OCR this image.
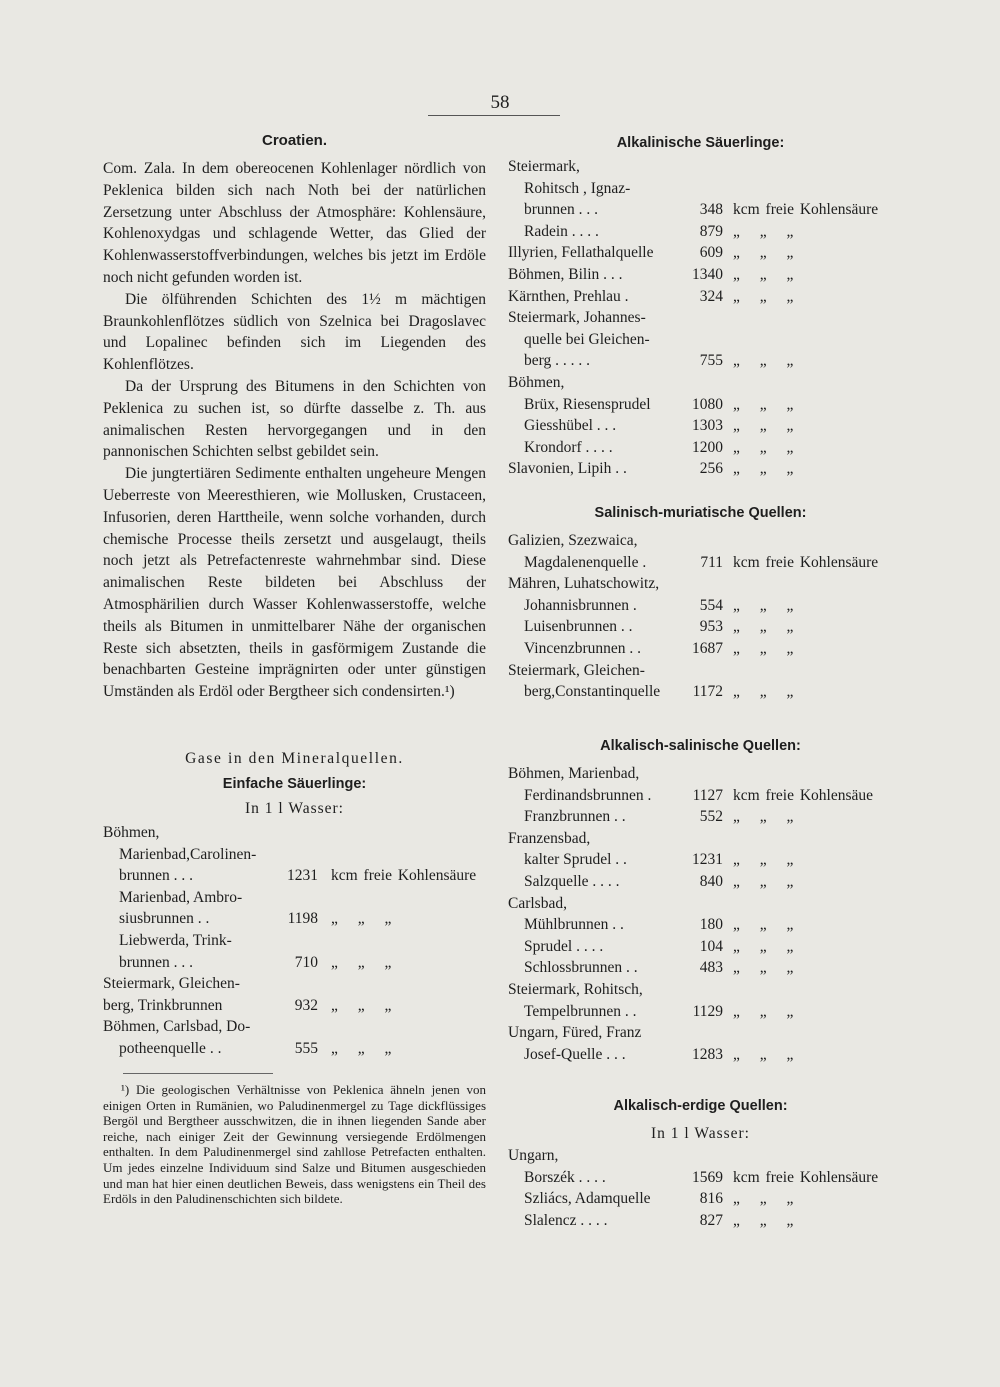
58
Croatien.

Com. Zala. In dem obereocenen Kohlenlager nördlich von Peklenica bilden sich nach Noth bei der natürlichen Zersetzung unter Abschluss der Atmosphäre: Kohlensäure, Kohlenoxydgas und schlagende Wetter, das Glied der Kohlenwasserstoffverbindungen, welches bis jetzt im Erdöle noch nicht gefunden worden ist.

Die ölführenden Schichten des 1½ m mächtigen Braunkohlenflötzes südlich von Szelnica bei Dragoslavec und Lopalinec befinden sich im Liegenden des Kohlenflötzes.

Da der Ursprung des Bitumens in den Schichten von Peklenica zu suchen ist, so dürfte dasselbe z. Th. aus animalischen Resten hervorgegangen und in den pannonischen Schichten selbst gebildet sein.

Die jungtertiären Sedimente enthalten ungeheure Mengen Ueberreste von Meeresthieren, wie Mollusken, Crustaceen, Infusorien, deren Harttheile, wenn solche vorhanden, durch chemische Processe theils zersetzt und ausgelaugt, theils noch jetzt als Petrefactenreste wahrnehmbar sind. Diese animalischen Reste bildeten bei Abschluss der Atmosphärilien durch Wasser Kohlenwasserstoffe, welche theils als Bitumen in unmittelbarer Nähe der organischen Reste sich absetzten, theils in gasförmigem Zustande die benachbarten Gesteine imprägnirten oder unter günstigen Umständen als Erdöl oder Bergtheer sich condensirten.¹)

Gase in den Mineralquellen.
Einfache Säuerlinge:
In 1 l Wasser:
Böhmen,
Marienbad,Carolinen-
brunnen . . .	1231 kcm freie Kohlensäure
Marienbad, Ambro-
siusbrunnen . .	1198 „ „ „
Liebwerda, Trink-
brunnen . . .	710 „ „ „
Steiermark, Gleichen-
berg, Trinkbrunnen	932 „ „ „
Böhmen, Carlsbad, Do-
potheenquelle . .	555 „ „ „
¹) Die geologischen Verhältnisse von Peklenica ähneln jenen von einigen Orten in Rumänien, wo Paludinenmergel zu Tage dickflüssiges Bergöl und Bergtheer ausschwitzen, die in ihnen liegenden Sande aber reiche, nach einiger Zeit der Gewinnung versiegende Erdölmengen enthalten. In dem Paludinenmergel sind zahllose Petrefacten enthalten. Um jedes einzelne Individuum sind Salze und Bitumen ausgeschieden und man hat hier einen deutlichen Beweis, dass wenigstens ein Theil des Erdöls in den Paludinenschichten sich bildete.
Alkalinische Säuerlinge:
Steiermark,
Rohitsch , Ignaz-
brunnen . . .	348 kcm freie Kohlensäure
Radein . . . .	879 „ „ „
Illyrien, Fellathalquelle	609 „ „ „
Böhmen, Bilin . . .	1340 „ „ „
Kärnthen, Prehlau .	324 „ „ „
Steiermark, Johannes-
quelle bei Gleichen-
berg . . . . .	755 „ „ „
Böhmen,
Brüx, Riesensprudel	1080 „ „ „
Giesshübel . . .	1303 „ „ „
Krondorf . . . .	1200 „ „ „
Slavonien, Lipih . .	256 „ „ „
Salinisch-muriatische Quellen:
Galizien, Szezwaica,
Magdalenenquelle .	711 kcm freie Kohlensäure
Mähren, Luhatschowitz,
Johannisbrunnen .	554 „ „ „
Luisenbrunnen . .	953 „ „ „
Vincenzbrunnen . .	1687 „ „ „
Steiermark, Gleichen-
berg,Constantinquelle 1172 „ „ „
Alkalisch-salinische Quellen:
Böhmen, Marienbad,
Ferdinandsbrunnen .	1127 kcm freie Kohlensäue
Franzbrunnen . .	552 „ „ „
Franzensbad,
kalter Sprudel . .	1231 „ „ „
Salzquelle . . . .	840 „ „ „
Carlsbad,
Mühlbrunnen . .	180 „ „ „
Sprudel . . . .	104 „ „ „
Schlossbrunnen . .	483 „ „ „
Steiermark, Rohitsch,
Tempelbrunnen . .	1129 „ „ „
Ungarn, Füred, Franz
Josef-Quelle . . .	1283 „ „ „
Alkalisch-erdige Quellen:
In 1 l Wasser:
Ungarn,
Borszék . . . .	1569 kcm freie Kohlensäure
Szliács, Adamquelle	816 „ „ „
Slalencz . . . .	827 „ „ „
